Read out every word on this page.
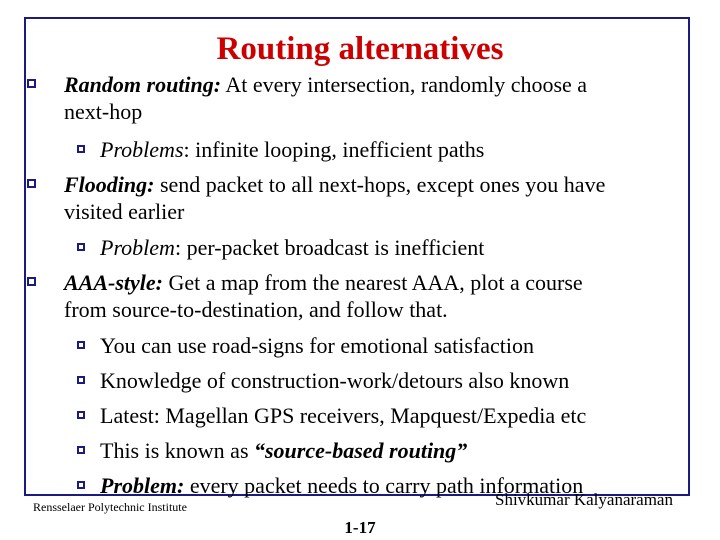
Routing alternatives
Random routing: At every intersection, randomly choose a
next-hop
Problems: infinite looping, inefficient paths
Flooding: send packet to all next-hops, except ones you have
visited earlier
Problem: per-packet broadcast is inefficient
AAA-style: Get a map from the nearest AAA, plot a course
from source-to-destination, and follow that.
You can use road-signs for emotional satisfaction
Knowledge of construction-work/detours also known
Latest: Magellan GPS receivers, Mapquest/Expedia etc
This is known as “source-based routing”
Problem: every packet needs to carry path information
Rensselaer Polytechnic Institute	Shivkumar Kalyanaraman
1-17
